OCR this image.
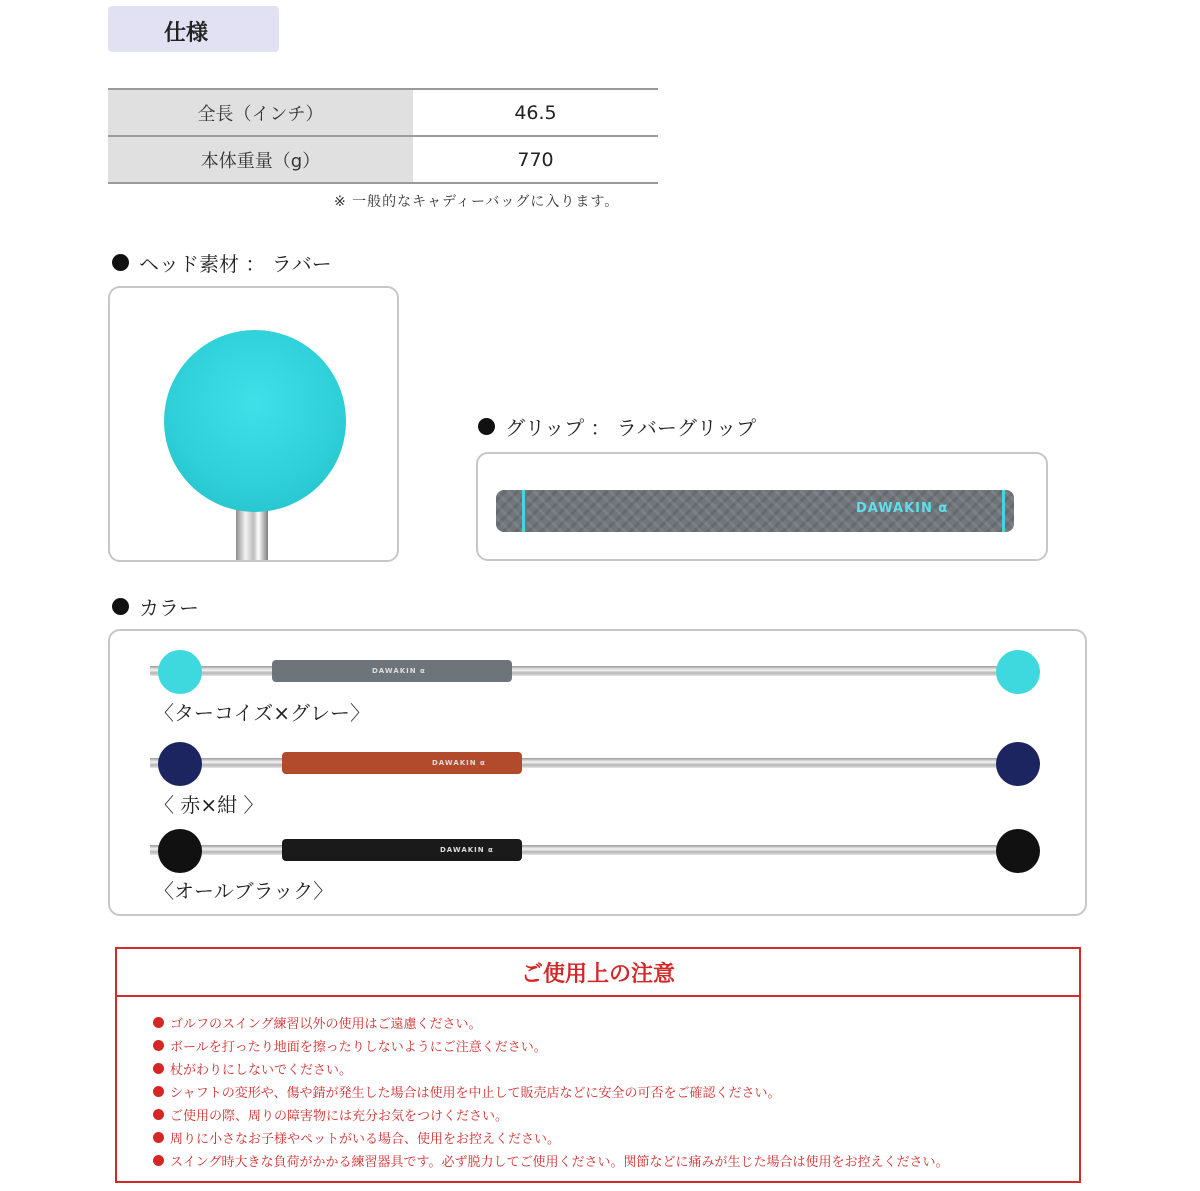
仕様
全長（インチ）	46.5
本体重量（g）	770
※ 一般的なキャディーバッグに入ります。
ヘッド素材 ： ラバー
グリップ ： ラバーグリップ
DAWAKIN α
カラー
DAWAKIN α
〈ターコイズ×グレー〉
DAWAKIN α
〈 赤×紺 〉
DAWAKIN α
〈オールブラック〉
ご使用上の注意
ゴルフのスイング練習以外の使用はご遠慮ください。
ボールを打ったり地面を擦ったりしないようにご注意ください。
杖がわりにしないでください。
シャフトの変形や、傷や錆が発生した場合は使用を中止して販売店などに安全の可否をご確認ください。
ご使用の際、周りの障害物には充分お気をつけください。
周りに小さなお子様やペットがいる場合、使用をお控えください。
スイング時大きな負荷がかかる練習器具です。必ず脱力してご使用ください。関節などに痛みが生じた場合は使用をお控えください。
